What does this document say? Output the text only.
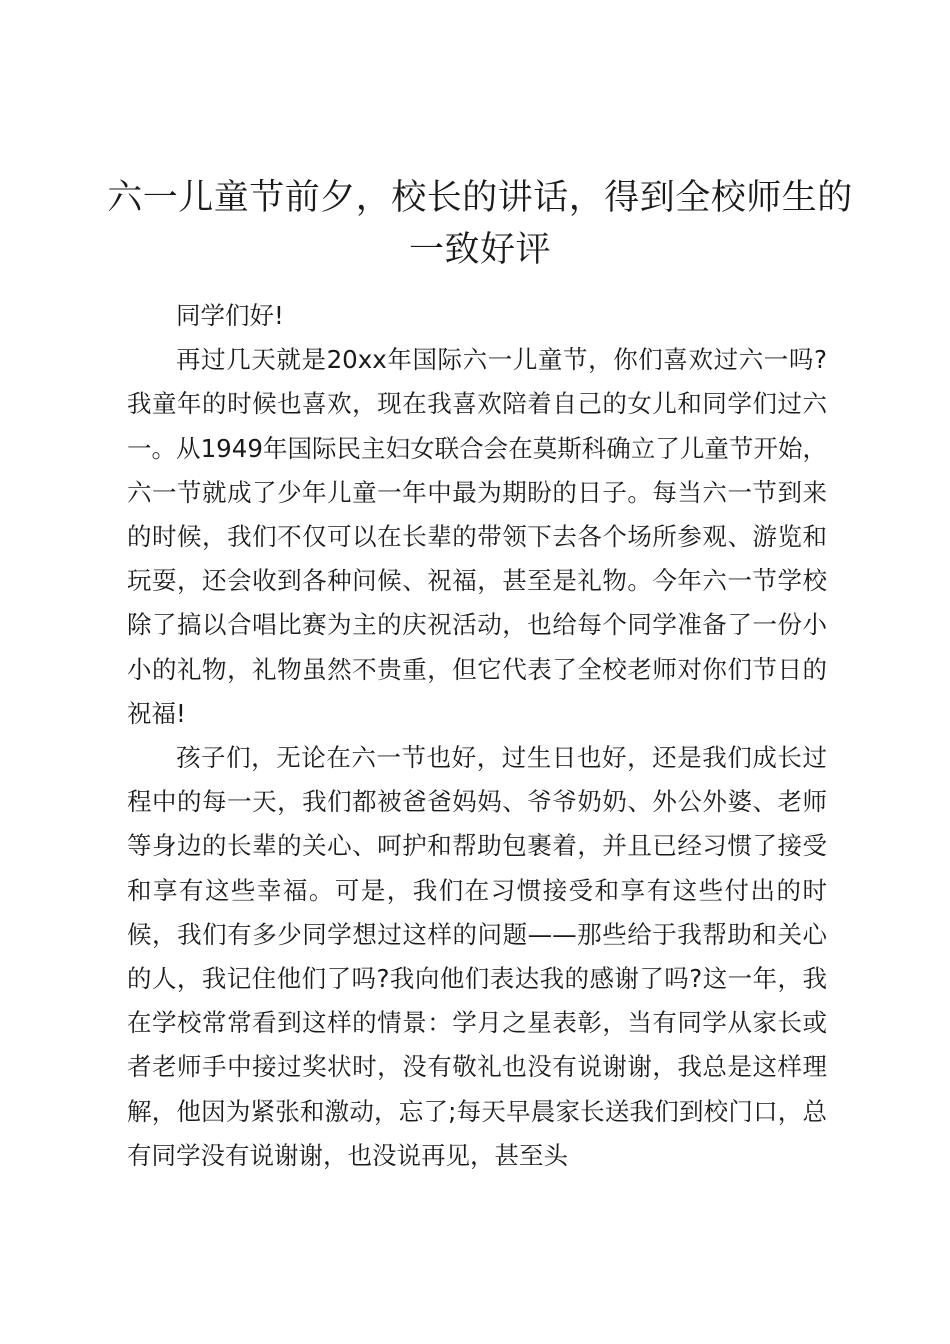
六一儿童节前夕，校长的讲话，得到全校师生的一致好评

同学们好!

再过几天就是20xx年国际六一儿童节，你们喜欢过六一吗?我童年的时候也喜欢，现在我喜欢陪着自己的女儿和同学们过六一。从1949年国际民主妇女联合会在莫斯科确立了儿童节开始，六一节就成了少年儿童一年中最为期盼的日子。每当六一节到来的时候，我们不仅可以在长辈的带领下去各个场所参观、游览和玩耍，还会收到各种问候、祝福，甚至是礼物。今年六一节学校除了搞以合唱比赛为主的庆祝活动，也给每个同学准备了一份小小的礼物，礼物虽然不贵重，但它代表了全校老师对你们节日的祝福!

孩子们，无论在六一节也好，过生日也好，还是我们成长过程中的每一天，我们都被爸爸妈妈、爷爷奶奶、外公外婆、老师等身边的长辈的关心、呵护和帮助包裹着，并且已经习惯了接受和享有这些幸福。可是，我们在习惯接受和享有这些付出的时候，我们有多少同学想过这样的问题——那些给于我帮助和关心的人，我记住他们了吗?我向他们表达我的感谢了吗?这一年，我在学校常常看到这样的情景：学月之星表彰，当有同学从家长或者老师手中接过奖状时，没有敬礼也没有说谢谢，我总是这样理解，他因为紧张和激动，忘了;每天早晨家长送我们到校门口，总有同学没有说谢谢，也没说再见，甚至头
